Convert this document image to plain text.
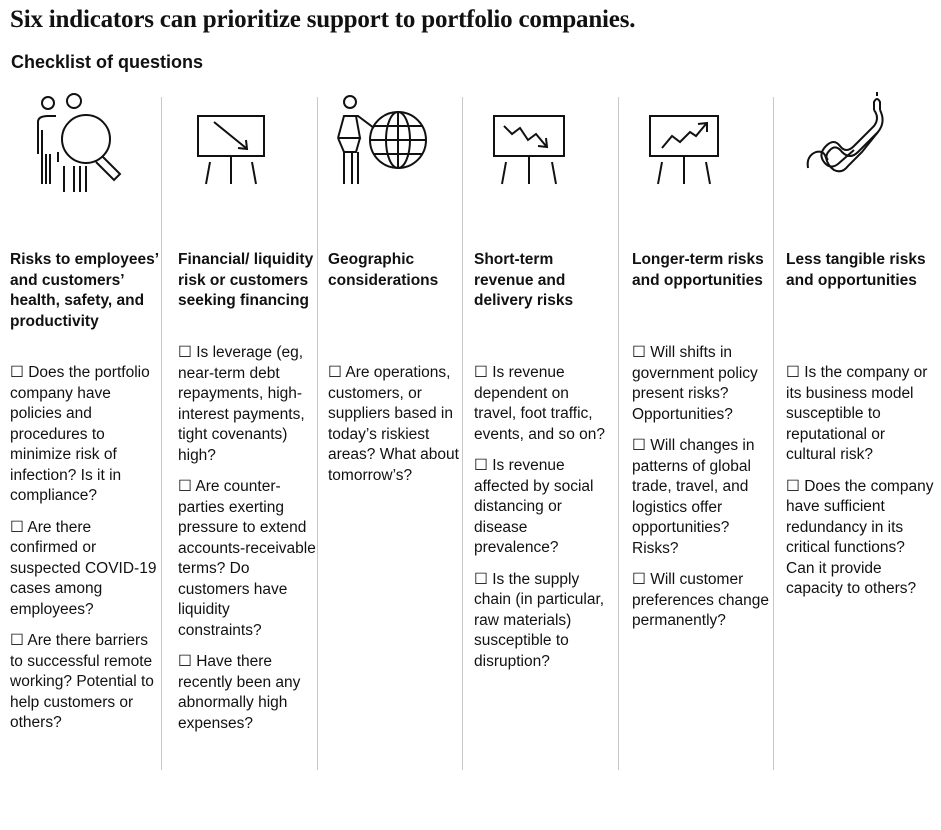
Six indicators can prioritize support to portfolio companies.
Checklist of questions
Risks to employees’ and customers’ health, safety, and productivity
☐ Does the portfolio company have policies and procedures to minimize risk of infection? Is it in compliance?
☐ Are there confirmed or suspected COVID-19 cases among employees?
☐ Are there barriers to successful remote working? Potential to help customers or others?
Financial/ liquidity risk or customers seeking financing
☐ Is leverage (eg, near-term debt repayments, high-interest payments, tight covenants) high?
☐ Are counter-parties exerting pressure to extend accounts-receivable terms? Do customers have liquidity constraints?
☐ Have there recently been any abnormally high expenses?
Geographic considerations
☐ Are operations, customers, or suppliers based in today’s riskiest areas? What about tomorrow’s?
Short-term revenue and delivery risks
☐ Is revenue dependent on travel, foot traffic, events, and so on?
☐ Is revenue affected by social distancing or disease prevalence?
☐ Is the supply chain (in particular, raw materials) susceptible to disruption?
Longer-term risks and opportunities
☐ Will shifts in government policy present risks? Opportunities?
☐ Will changes in patterns of global trade, travel, and logistics offer opportunities? Risks?
☐ Will customer preferences change permanently?
Less tangible risks and opportunities
☐ Is the company or its business model susceptible to reputational or cultural risk?
☐ Does the company have sufficient redundancy in its critical functions? Can it provide capacity to others?
